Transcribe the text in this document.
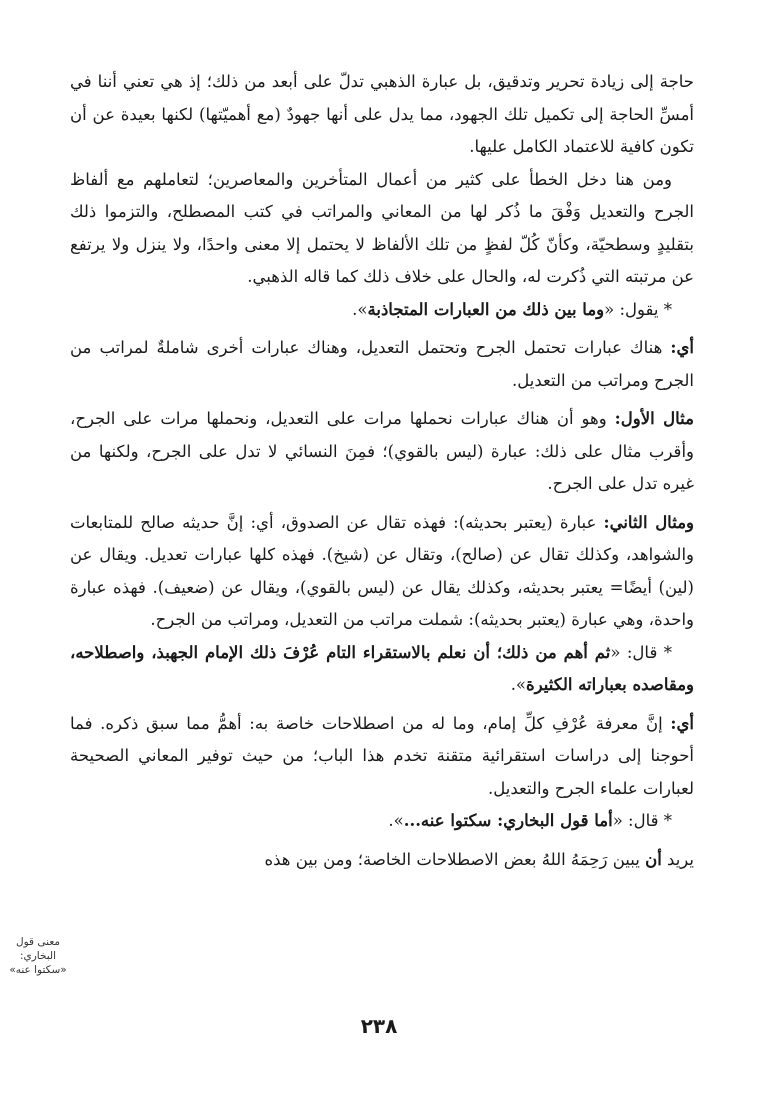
حاجة إلى زيادة تحرير وتدقيق، بل عبارة الذهبي تدلّ على أبعد من ذلك؛ إذ هي تعني أننا في أمسِّ الحاجة إلى تكميل تلك الجهود، مما يدل على أنها جهودٌ (مع أهميّتها) لكنها بعيدة عن أن تكون كافية للاعتماد الكامل عليها.

ومن هنا دخل الخطأ على كثير من أعمال المتأخرين والمعاصرين؛ لتعاملهم مع ألفاظ الجرح والتعديل وَفْقَ ما ذُكر لها من المعاني والمراتب في كتب المصطلح، والتزموا ذلك بتقليدٍ وسطحيّة، وكأنّ كُلّ لفظٍ من تلك الألفاظ لا يحتمل إلا معنى واحدًا، ولا ينزل ولا يرتفع عن مرتبته التي ذُكرت له، والحال على خلاف ذلك كما قاله الذهبي.

* يقول: «وما بين ذلك من العبارات المتجاذبة».

أي: هناك عبارات تحتمل الجرح وتحتمل التعديل، وهناك عبارات أخرى شاملةٌ لمراتب من الجرح ومراتب من التعديل.

مثال الأول: وهو أن هناك عبارات نحملها مرات على التعديل، ونحملها مرات على الجرح، وأقرب مثال على ذلك: عبارة (ليس بالقوي)؛ فمِنَ النسائي لا تدل على الجرح، ولكنها من غيره تدل على الجرح.

ومثال الثاني: عبارة (يعتبر بحديثه): فهذه تقال عن الصدوق، أي: إنَّ حديثه صالح للمتابعات والشواهد، وكذلك تقال عن (صالح)، وتقال عن (شيخ). فهذه كلها عبارات تعديل. ويقال عن (لين) أيضًا= يعتبر بحديثه، وكذلك يقال عن (ليس بالقوي)، ويقال عن (ضعيف). فهذه عبارة واحدة، وهي عبارة (يعتبر بحديثه): شملت مراتب من التعديل، ومراتب من الجرح.

* قال: «ثم أهم من ذلك؛ أن نعلم بالاستقراء التام عُرْفَ ذلك الإمام الجهبذ، واصطلاحه، ومقاصده بعباراته الكثيرة».

أي: إنَّ معرفة عُرْفِ كلِّ إمام، وما له من اصطلاحات خاصة به: أهمُّ مما سبق ذكره. فما أحوجنا إلى دراسات استقرائية متقنة تخدم هذا الباب؛ من حيث توفير المعاني الصحيحة لعبارات علماء الجرح والتعديل.

* قال: «أما قول البخاري: سكتوا عنه...».

يريد أن يبين رَحِمَهُ اللهُ بعض الاصطلاحات الخاصة؛ ومن بين هذه

معنى قول
البخاري:
«سكتوا عنه»
٢٣٨
